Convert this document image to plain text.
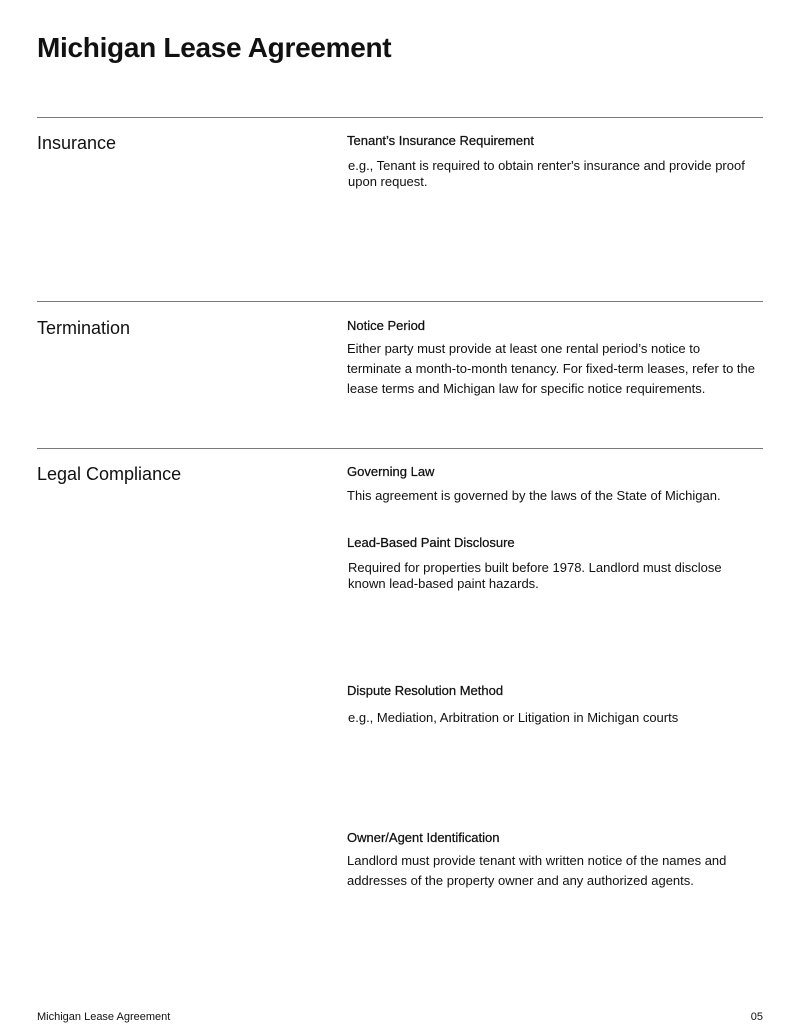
Michigan Lease Agreement
Insurance	Tenant’s Insurance Requirement
e.g., Tenant is required to obtain renter's insurance and provide proof upon request.
Termination	Notice Period
Either party must provide at least one rental period’s notice to terminate a month-to-month tenancy. For fixed-term leases, refer to the lease terms and Michigan law for specific notice requirements.
Legal Compliance	Governing Law
This agreement is governed by the laws of the State of Michigan.
Lead-Based Paint Disclosure
Required for properties built before 1978. Landlord must disclose known lead-based paint hazards.
Dispute Resolution Method
e.g., Mediation, Arbitration or Litigation in Michigan courts
Owner/Agent Identification
Landlord must provide tenant with written notice of the names and addresses of the property owner and any authorized agents.
Michigan Lease Agreement	05
